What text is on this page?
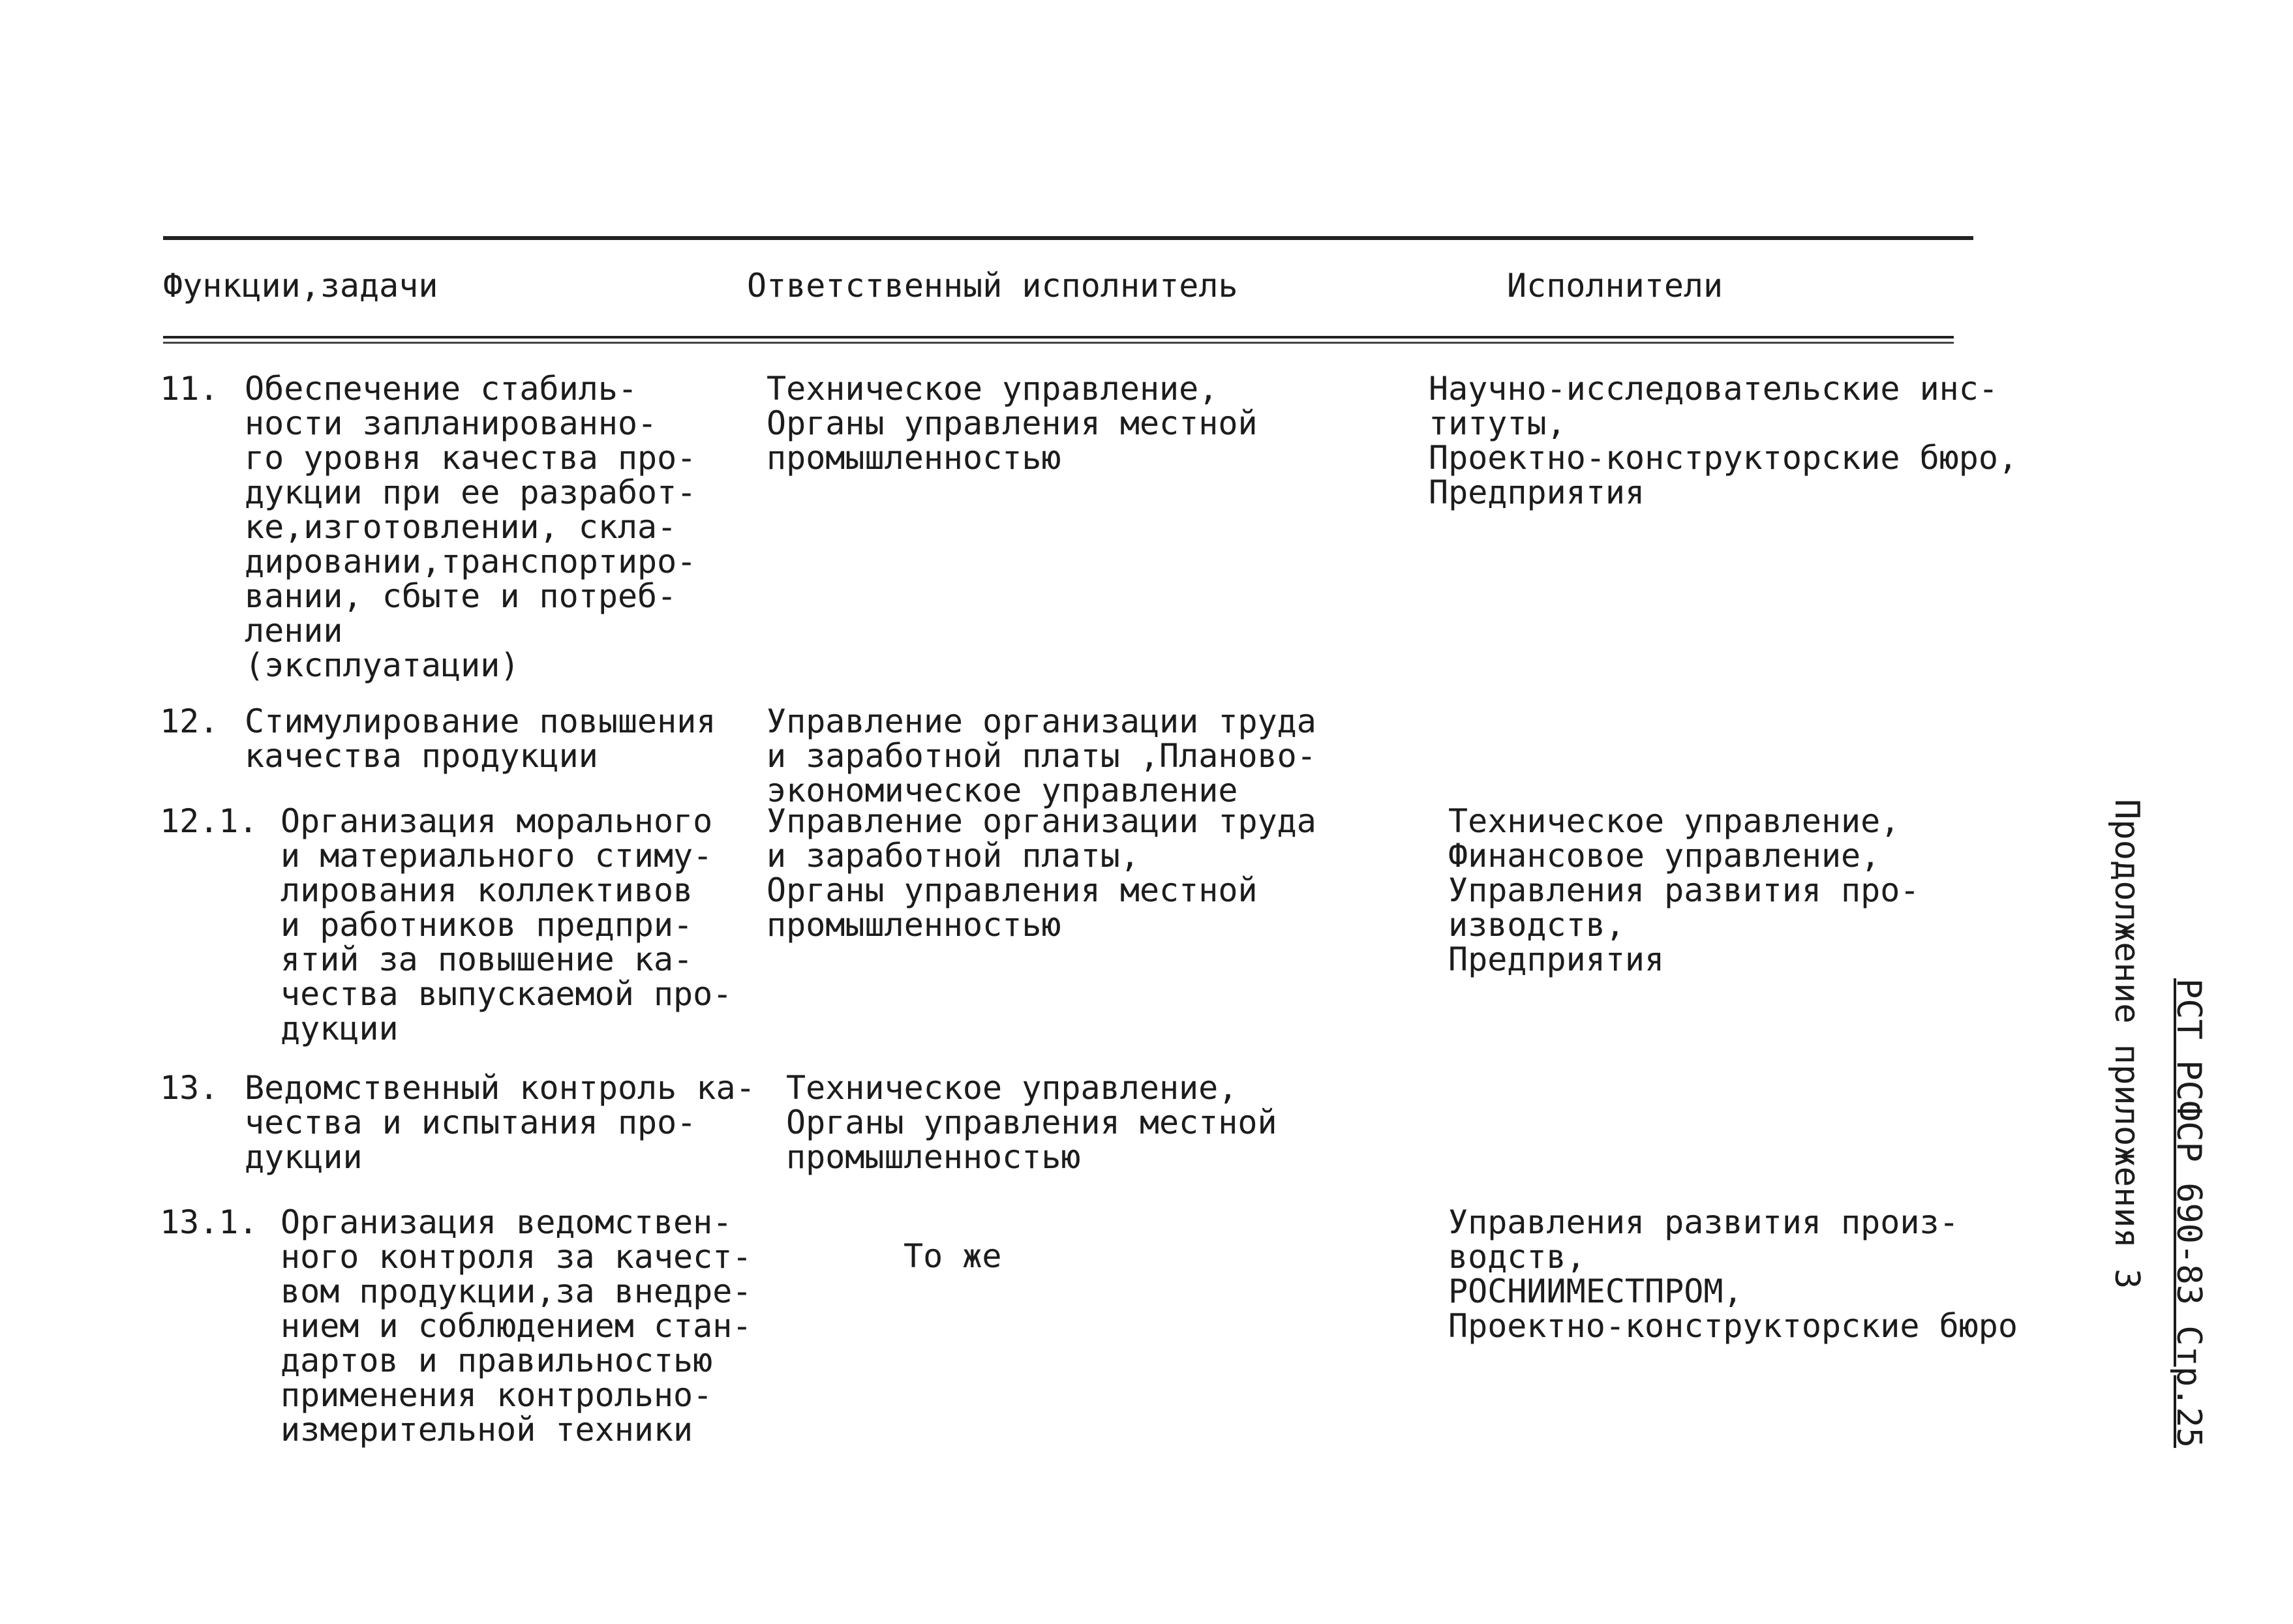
Функции,задачи	Ответственный исполнитель	Исполнители
11. Обеспечение стабиль-
ности запланированно-
го уровня качества про-
дукции при ее разработ-
ке,изготовлении, скла-
дировании,транспортиро-
вании, сбыте и потреб-
лении
(эксплуатации)
Техническое управление,
Органы управления местной
промышленностью
Научно-исследовательские инс-
титуты,
Проектно-конструкторские бюро,
Предприятия
12. Стимулирование повышения
качества продукции
Управление организации труда
и заработной платы ,Планово-
экономическое управление
12.1. Организация морального
и материального стиму-
лирования коллективов
и работников предпри-
ятий за повышение ка-
чества выпускаемой про-
дукции
Управление организации труда
и заработной платы,
Органы управления местной
промышленностью
Техническое управление,
Финансовое управление,
Управления развития про-
изводств,
Предприятия
13. Ведомственный контроль ка-
чества и испытания про-
дукции
Техническое управление,
Органы управления местной
промышленностью
13.1. Организация ведомствен-
ного контроля за качест-
вом продукции,за внедре-
нием и соблюдением стан-
дартов и правильностью
применения контрольно-
измерительной техники
То же
Управления развития произ-
водств,
РОСНИИМЕСТПРОМ,
Проектно-конструкторские бюро
Продолжение приложения 3 РСТ РСФСР 690-83 Стр.25
